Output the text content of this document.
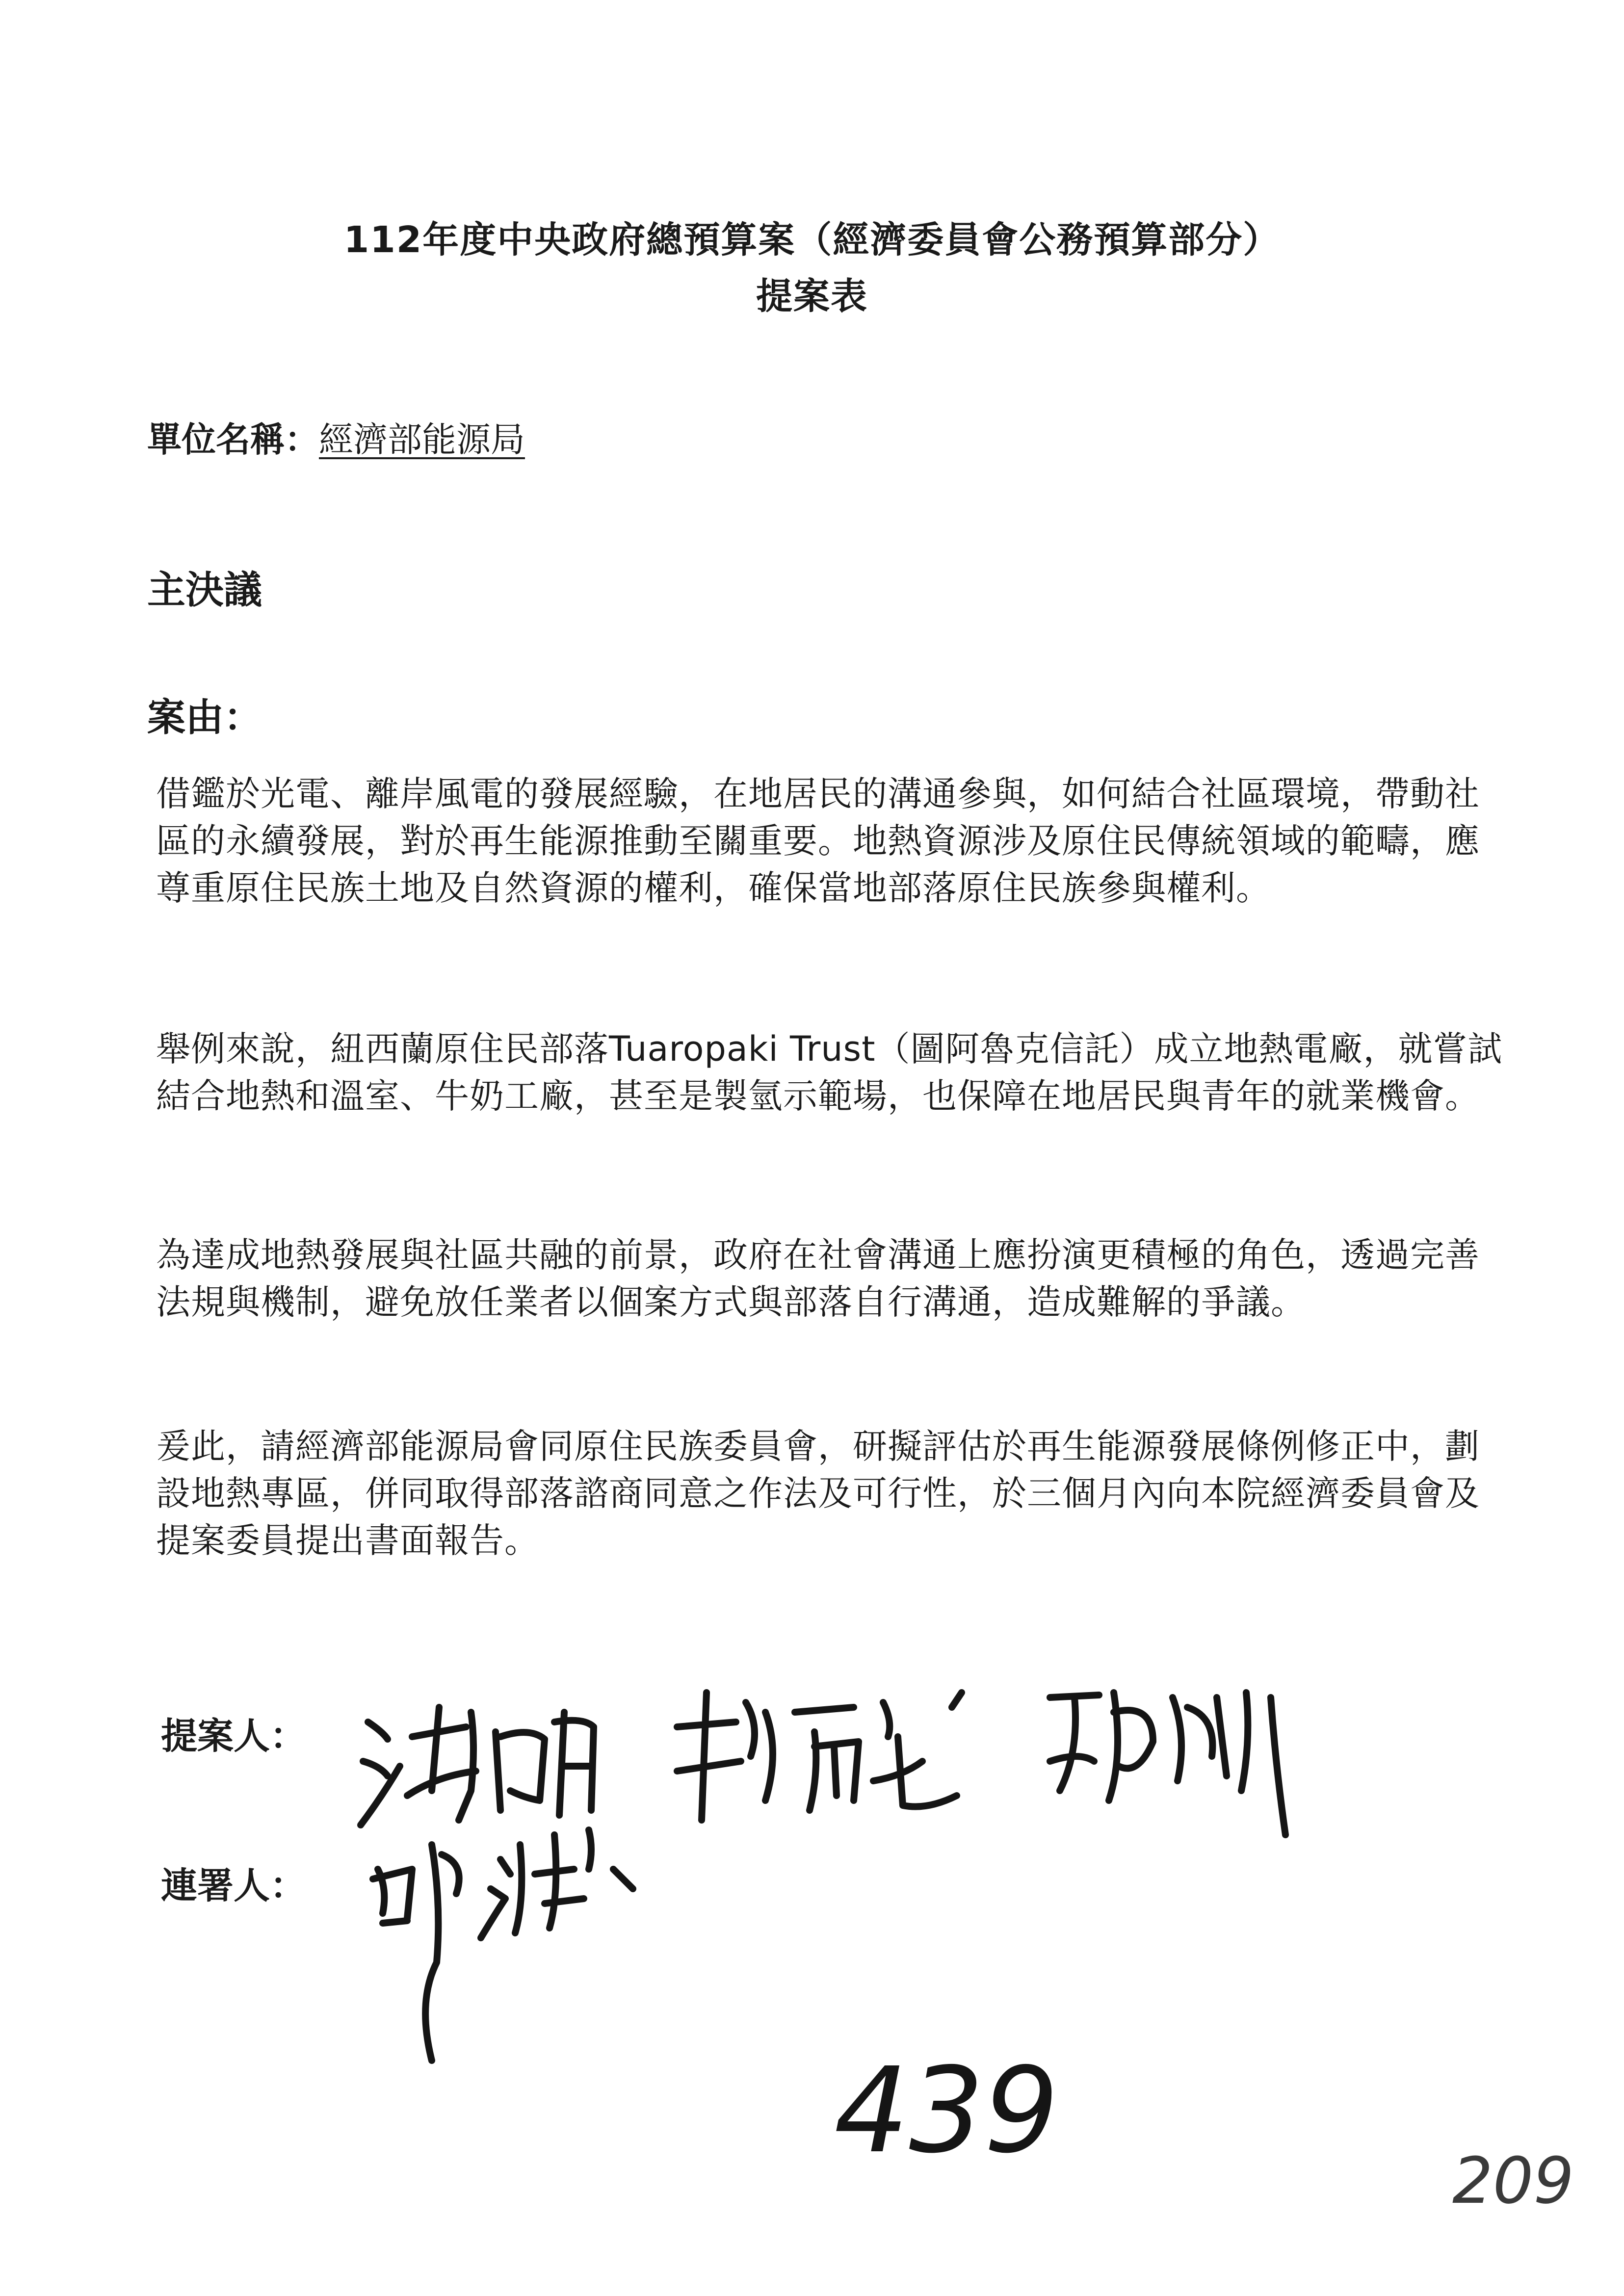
112年度中央政府總預算案（經濟委員會公務預算部分）
提案表
單位名稱：經濟部能源局
主決議
案由：
借鑑於光電、離岸風電的發展經驗，在地居民的溝通參與，如何結合社區環境，帶動社區的永續發展，對於再生能源推動至關重要。地熱資源涉及原住民傳統領域的範疇，應尊重原住民族土地及自然資源的權利，確保當地部落原住民族參與權利。
舉例來說，紐西蘭原住民部落Tuaropaki Trust（圖阿魯克信託）成立地熱電廠，就嘗試結合地熱和溫室、牛奶工廠，甚至是製氫示範場，也保障在地居民與青年的就業機會。
為達成地熱發展與社區共融的前景，政府在社會溝通上應扮演更積極的角色，透過完善法規與機制，避免放任業者以個案方式與部落自行溝通，造成難解的爭議。
爰此，請經濟部能源局會同原住民族委員會，研擬評估於再生能源發展條例修正中，劃設地熱專區，併同取得部落諮商同意之作法及可行性，於三個月內向本院經濟委員會及提案委員提出書面報告。
提案人：
連署人：
439
209
